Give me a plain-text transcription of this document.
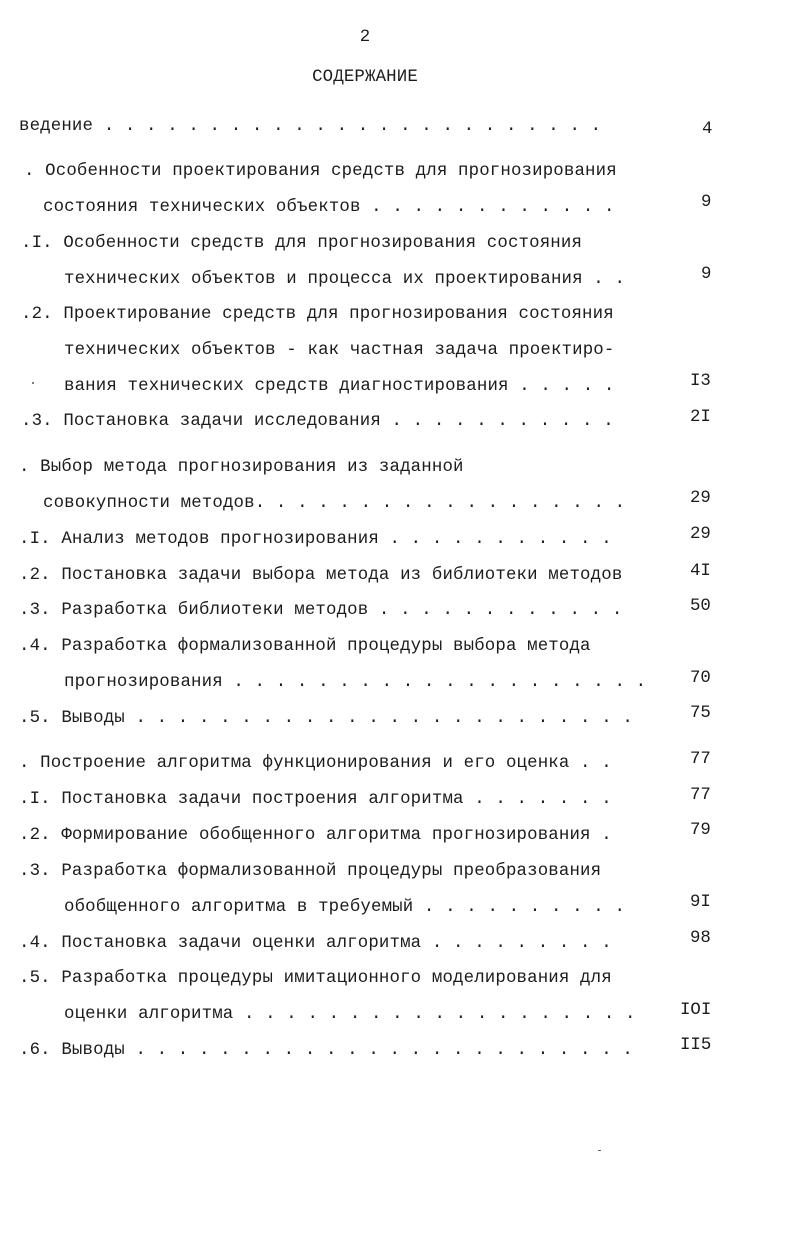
2
СОДЕРЖАНИЕ
ведение . . . . . . . . . . . . . . . . . . . . . . . .	4
. Особенности проектирования средств для прогнозирования
состояния технических объектов . . . . . . . . . . . .	9
.I. Особенности средств для прогнозирования состояния
технических объектов и процесса их проектирования . .	9
.2. Проектирование средств для прогнозирования состояния
технических объектов - как частная задача проектиро-
вания технических средств диагностирования . . . . .	I3
.3. Постановка задачи исследования . . . . . . . . . . .	2I
. Выбор метода прогнозирования из заданной
совокупности методов. . . . . . . . . . . . . . . . . .	29
.I. Анализ методов прогнозирования . . . . . . . . . . .	29
.2. Постановка задачи выбора метода из библиотеки методов	4I
.3. Разработка библиотеки методов . . . . . . . . . . . .	50
.4. Разработка формализованной процедуры выбора метода
прогнозирования . . . . . . . . . . . . . . . . . . . .	70
.5. Выводы . . . . . . . . . . . . . . . . . . . . . . . .	75
. Построение алгоритма функционирования и его оценка . .	77
.I. Постановка задачи построения алгоритма . . . . . . .	77
.2. Формирование обобщенного алгоритма прогнозирования .	79
.3. Разработка формализованной процедуры преобразования
обобщенного алгоритма в требуемый . . . . . . . . . .	9I
.4. Постановка задачи оценки алгоритма . . . . . . . . .	98
.5. Разработка процедуры имитационного моделирования для
оценки алгоритма . . . . . . . . . . . . . . . . . . .	IOI
.6. Выводы . . . . . . . . . . . . . . . . . . . . . . . .	II5
